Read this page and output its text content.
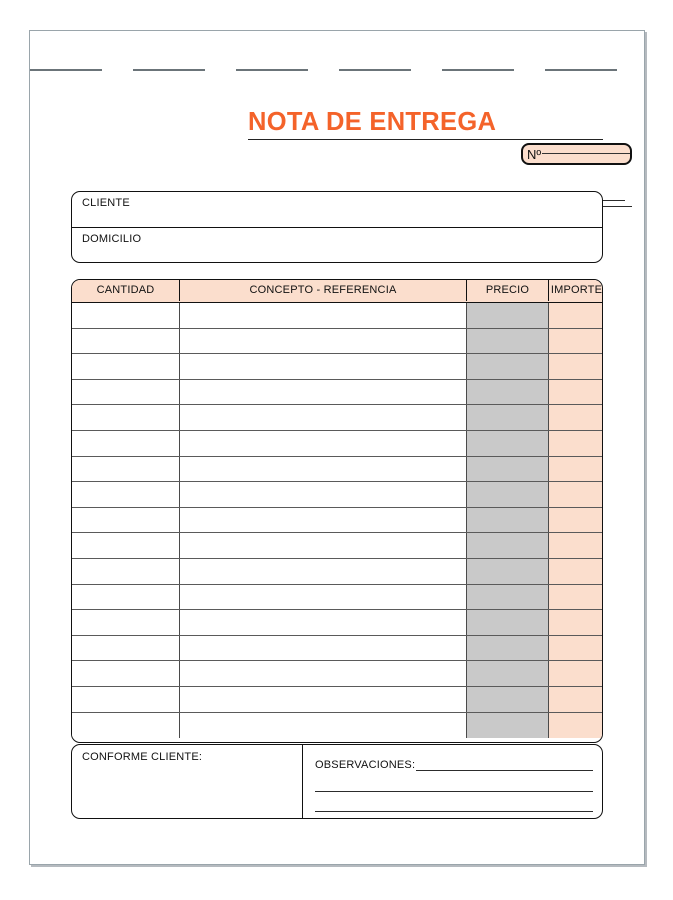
NOTA DE ENTREGA
Nº
CLIENTE
DOMICILIO
CANTIDAD	CONCEPTO - REFERENCIA	PRECIO	IMPORTE
CONFORME CLIENTE:
OBSERVACIONES:
